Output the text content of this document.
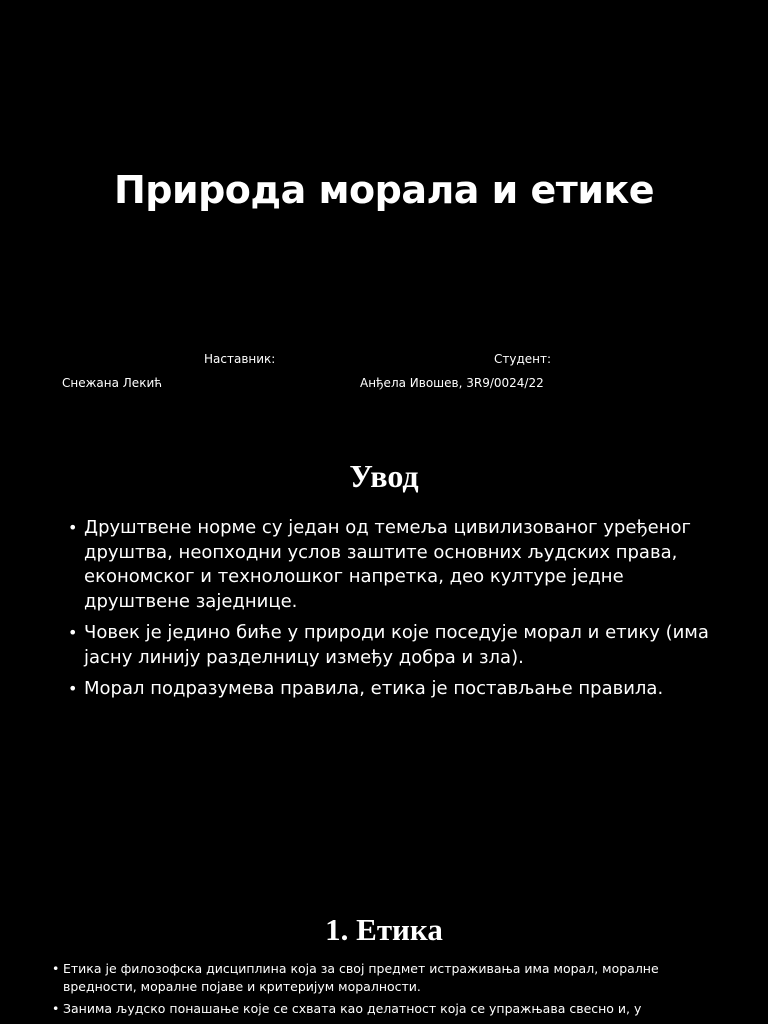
Природа морала и етике
Наставник:	Студент:
Снежана Лекић	Анђела Ивошев, 3R9/0024/22
Увод
• Друштвене норме су један од темеља цивилизованог уређеног друштва, неопходни услов заштите основних људских права, економског и технолошког напретка, део културе једне друштвене заједнице.
• Човек је једино биће у природи које поседује морал и етику (има јасну линију разделницу између добра и зла).
• Морал подразумева правила, етика је постављање правила.
1. Етика
• Етика је филозофска дисциплина која за свој предмет истраживања има морал, моралне вредности, моралне појаве и критеријум моралности.
• Занима људско понашање које се схвата као делатност која се упражњава свесно и, у
